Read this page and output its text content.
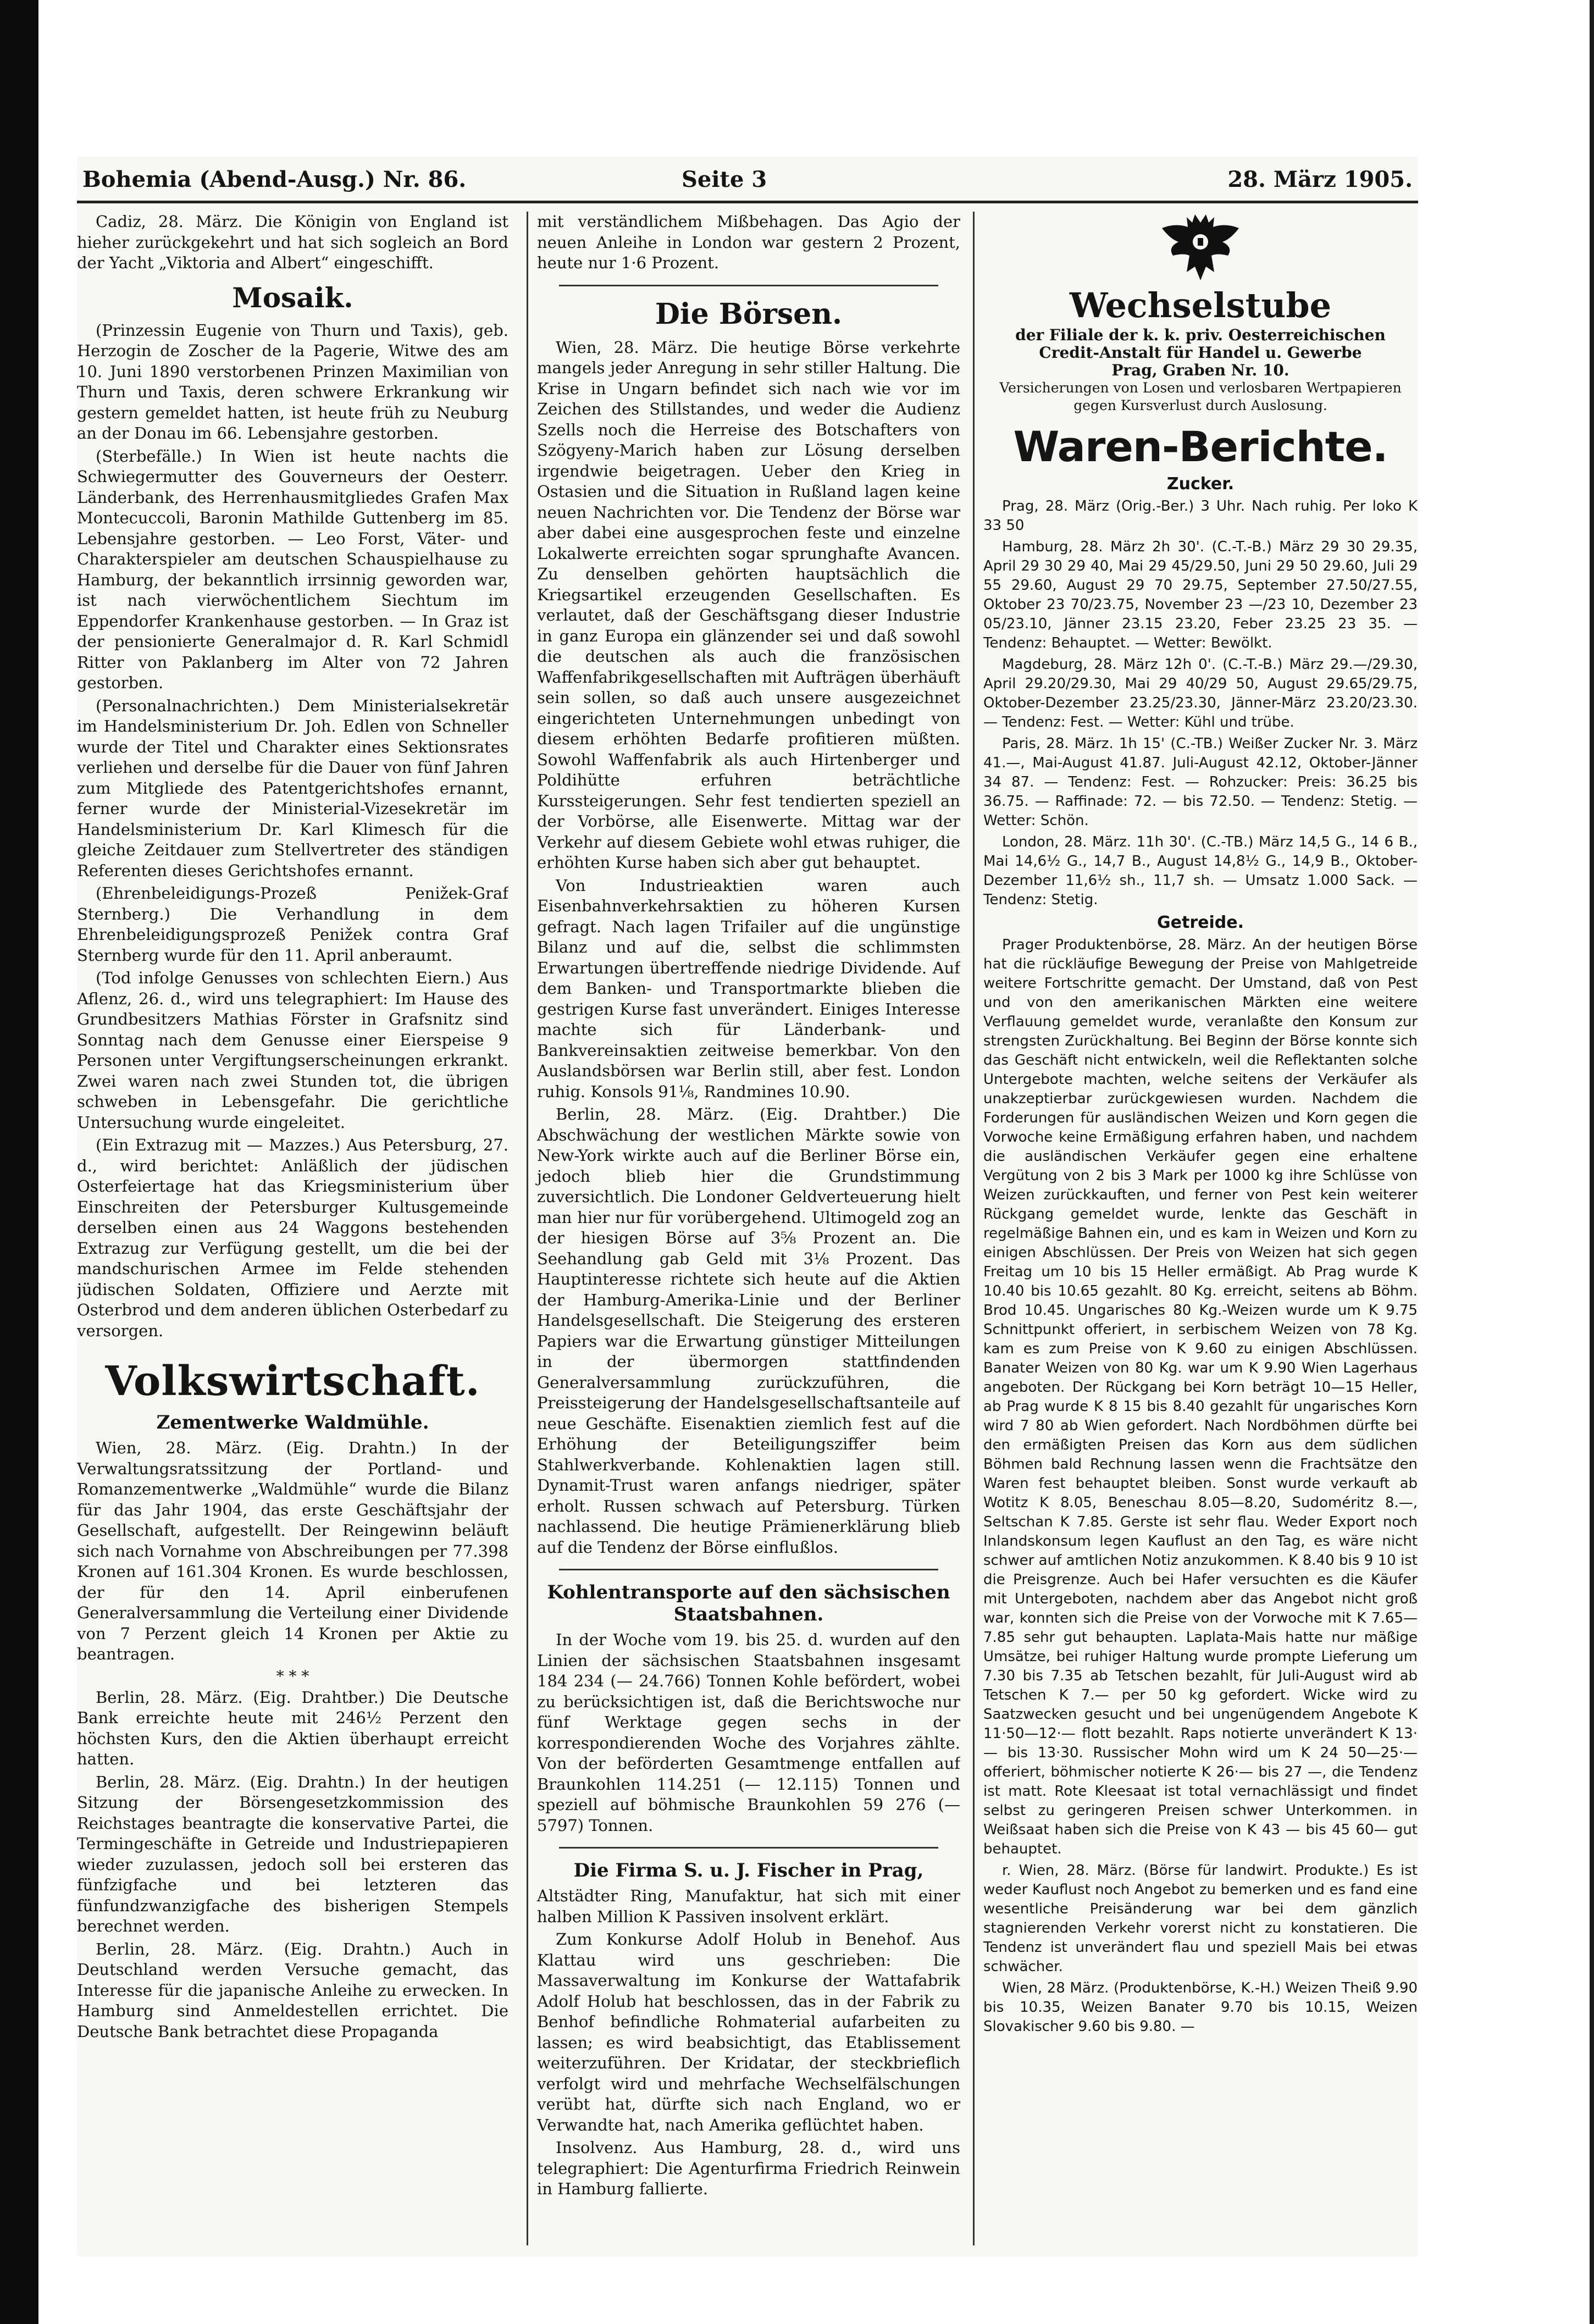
Bohemia (Abend-Ausg.) Nr. 86.	Seite 3	28. März 1905.

Cadiz, 28. März. Die Königin von England ist hieher zurückgekehrt und hat sich sogleich an Bord der Yacht „Viktoria and Albert“ eingeschifft.

Mosaik.

(Prinzessin Eugenie von Thurn und Taxis), geb. Herzogin de Zoscher de la Pagerie, Witwe des am 10. Juni 1890 verstorbenen Prinzen Maximilian von Thurn und Taxis, deren schwere Erkrankung wir gestern gemeldet hatten, ist heute früh zu Neuburg an der Donau im 66. Lebensjahre gestorben.

(Sterbefälle.) In Wien ist heute nachts die Schwiegermutter des Gouverneurs der Oesterr. Länderbank, des Herrenhausmitgliedes Grafen Max Montecuccoli, Baronin Mathilde Guttenberg im 85. Lebensjahre gestorben. — Leo Forst, Väter- und Charakterspieler am deutschen Schauspielhause zu Hamburg, der bekanntlich irrsinnig geworden war, ist nach vierwöchentlichem Siechtum im Eppendorfer Krankenhause gestorben. — In Graz ist der pensionierte Generalmajor d. R. Karl Schmidl Ritter von Paklanberg im Alter von 72 Jahren gestorben.

(Personalnachrichten.) Dem Ministerialsekretär im Handelsministerium Dr. Joh. Edlen von Schneller wurde der Titel und Charakter eines Sektionsrates verliehen und derselbe für die Dauer von fünf Jahren zum Mitgliede des Patentgerichtshofes ernannt, ferner wurde der Ministerial-Vizesekretär im Handelsministerium Dr. Karl Klimesch für die gleiche Zeitdauer zum Stellvertreter des ständigen Referenten dieses Gerichtshofes ernannt.

(Ehrenbeleidigungs-Prozeß Penižek-Graf Sternberg.) Die Verhandlung in dem Ehrenbeleidigungsprozeß Penižek contra Graf Sternberg wurde für den 11. April anberaumt.

(Tod infolge Genusses von schlechten Eiern.) Aus Aflenz, 26. d., wird uns telegraphiert: Im Hause des Grundbesitzers Mathias Förster in Grafsnitz sind Sonntag nach dem Genusse einer Eierspeise 9 Personen unter Vergiftungserscheinungen erkrankt. Zwei waren nach zwei Stunden tot, die übrigen schweben in Lebensgefahr. Die gerichtliche Untersuchung wurde eingeleitet.

(Ein Extrazug mit — Mazzes.) Aus Petersburg, 27. d., wird berichtet: Anläßlich der jüdischen Osterfeiertage hat das Kriegsministerium über Einschreiten der Petersburger Kultusgemeinde derselben einen aus 24 Waggons bestehenden Extrazug zur Verfügung gestellt, um die bei der mandschurischen Armee im Felde stehenden jüdischen Soldaten, Offiziere und Aerzte mit Osterbrod und dem anderen üblichen Osterbedarf zu versorgen.

Volkswirtschaft.
Zementwerke Waldmühle.

Wien, 28. März. (Eig. Drahtn.) In der Verwaltungsratssitzung der Portland- und Romanzementwerke „Waldmühle“ wurde die Bilanz für das Jahr 1904, das erste Geschäftsjahr der Gesellschaft, aufgestellt. Der Reingewinn beläuft sich nach Vornahme von Abschreibungen per 77.398 Kronen auf 161.304 Kronen. Es wurde beschlossen, der für den 14. April einberufenen Generalversammlung die Verteilung einer Dividende von 7 Perzent gleich 14 Kronen per Aktie zu beantragen.

* * *

Berlin, 28. März. (Eig. Drahtber.) Die Deutsche Bank erreichte heute mit 246½ Perzent den höchsten Kurs, den die Aktien überhaupt erreicht hatten.

Berlin, 28. März. (Eig. Drahtn.) In der heutigen Sitzung der Börsengesetzkommission des Reichstages beantragte die konservative Partei, die Termingeschäfte in Getreide und Industriepapieren wieder zuzulassen, jedoch soll bei ersteren das fünfzigfache und bei letzteren das fünfundzwanzigfache des bisherigen Stempels berechnet werden.

Berlin, 28. März. (Eig. Drahtn.) Auch in Deutschland werden Versuche gemacht, das Interesse für die japanische Anleihe zu erwecken. In Hamburg sind Anmeldestellen errichtet. Die Deutsche Bank betrachtet diese Propaganda

mit verständlichem Mißbehagen. Das Agio der neuen Anleihe in London war gestern 2 Prozent, heute nur 1·6 Prozent.

Die Börsen.

Wien, 28. März. Die heutige Börse verkehrte mangels jeder Anregung in sehr stiller Haltung. Die Krise in Ungarn befindet sich nach wie vor im Zeichen des Stillstandes, und weder die Audienz Szells noch die Herreise des Botschafters von Szögyeny-Marich haben zur Lösung derselben irgendwie beigetragen. Ueber den Krieg in Ostasien und die Situation in Rußland lagen keine neuen Nachrichten vor. Die Tendenz der Börse war aber dabei eine ausgesprochen feste und einzelne Lokalwerte erreichten sogar sprunghafte Avancen. Zu denselben gehörten hauptsächlich die Kriegsartikel erzeugenden Gesellschaften. Es verlautet, daß der Geschäftsgang dieser Industrie in ganz Europa ein glänzender sei und daß sowohl die deutschen als auch die französischen Waffenfabrikgesellschaften mit Aufträgen überhäuft sein sollen, so daß auch unsere ausgezeichnet eingerichteten Unternehmungen unbedingt von diesem erhöhten Bedarfe profitieren müßten. Sowohl Waffenfabrik als auch Hirtenberger und Poldihütte erfuhren beträchtliche Kurssteigerungen. Sehr fest tendierten speziell an der Vorbörse, alle Eisenwerte. Mittag war der Verkehr auf diesem Gebiete wohl etwas ruhiger, die erhöhten Kurse haben sich aber gut behauptet.

Von Industrieaktien waren auch Eisenbahnverkehrsaktien zu höheren Kursen gefragt. Nach lagen Trifailer auf die ungünstige Bilanz und auf die, selbst die schlimmsten Erwartungen übertreffende niedrige Dividende. Auf dem Banken- und Transportmarkte blieben die gestrigen Kurse fast unverändert. Einiges Interesse machte sich für Länderbank- und Bankvereinsaktien zeitweise bemerkbar. Von den Auslandsbörsen war Berlin still, aber fest. London ruhig. Konsols 91⅛, Randmines 10.90.

Berlin, 28. März. (Eig. Drahtber.) Die Abschwächung der westlichen Märkte sowie von New-York wirkte auch auf die Berliner Börse ein, jedoch blieb hier die Grundstimmung zuversichtlich. Die Londoner Geldverteuerung hielt man hier nur für vorübergehend. Ultimogeld zog an der hiesigen Börse auf 3⅝ Prozent an. Die Seehandlung gab Geld mit 3⅛ Prozent. Das Hauptinteresse richtete sich heute auf die Aktien der Hamburg-Amerika-Linie und der Berliner Handelsgesellschaft. Die Steigerung des ersteren Papiers war die Erwartung günstiger Mitteilungen in der übermorgen stattfindenden Generalversammlung zurückzuführen, die Preissteigerung der Handelsgesellschaftsanteile auf neue Geschäfte. Eisenaktien ziemlich fest auf die Erhöhung der Beteiligungsziffer beim Stahlwerkverbande. Kohlenaktien lagen still. Dynamit-Trust waren anfangs niedriger, später erholt. Russen schwach auf Petersburg. Türken nachlassend. Die heutige Prämienerklärung blieb auf die Tendenz der Börse einflußlos.

Kohlentransporte auf den sächsischen Staatsbahnen.

In der Woche vom 19. bis 25. d. wurden auf den Linien der sächsischen Staatsbahnen insgesamt 184 234 (— 24.766) Tonnen Kohle befördert, wobei zu berücksichtigen ist, daß die Berichtswoche nur fünf Werktage gegen sechs in der korrespondierenden Woche des Vorjahres zählte. Von der beförderten Gesamtmenge entfallen auf Braunkohlen 114.251 (— 12.115) Tonnen und speziell auf böhmische Braunkohlen 59 276 (— 5797) Tonnen.

Die Firma S. u. J. Fischer in Prag,

Altstädter Ring, Manufaktur, hat sich mit einer halben Million K Passiven insolvent erklärt.

Zum Konkurse Adolf Holub in Benehof. Aus Klattau wird uns geschrieben: Die Massaverwaltung im Konkurse der Wattafabrik Adolf Holub hat beschlossen, das in der Fabrik zu Benhof befindliche Rohmaterial aufarbeiten zu lassen; es wird beabsichtigt, das Etablissement weiterzuführen. Der Kridatar, der steckbrieflich verfolgt wird und mehrfache Wechselfälschungen verübt hat, dürfte sich nach England, wo er Verwandte hat, nach Amerika geflüchtet haben.

Insolvenz. Aus Hamburg, 28. d., wird uns telegraphiert: Die Agenturfirma Friedrich Reinwein in Hamburg fallierte.

Wechselstube

der Filiale der k. k. priv. Oesterreichischen

Credit-Anstalt für Handel u. Gewerbe

Prag, Graben Nr. 10.

Versicherungen von Losen und verlosbaren Wertpapieren gegen Kursverlust durch Auslosung.

Waren-Berichte.
Zucker.

Prag, 28. März (Orig.-Ber.) 3 Uhr. Nach ruhig. Per loko K 33 50

Hamburg, 28. März 2h 30'. (C.-T.-B.) März 29 30 29.35, April 29 30 29 40, Mai 29 45/29.50, Juni 29 50 29.60, Juli 29 55 29.60, August 29 70 29.75, September 27.50/27.55, Oktober 23 70/23.75, November 23 —/23 10, Dezember 23 05/23.10, Jänner 23.15 23.20, Feber 23.25 23 35. — Tendenz: Behauptet. — Wetter: Bewölkt.

Magdeburg, 28. März 12h 0'. (C.-T.-B.) März 29.—/29.30, April 29.20/29.30, Mai 29 40/29 50, August 29.65/29.75, Oktober-Dezember 23.25/23.30, Jänner-März 23.20/23.30. — Tendenz: Fest. — Wetter: Kühl und trübe.

Paris, 28. März. 1h 15' (C.-TB.) Weißer Zucker Nr. 3. März 41.—, Mai-August 41.87. Juli-August 42.12, Oktober-Jänner 34 87. — Tendenz: Fest. — Rohzucker: Preis: 36.25 bis 36.75. — Raffinade: 72. — bis 72.50. — Tendenz: Stetig. — Wetter: Schön.

London, 28. März. 11h 30'. (C.-TB.) März 14,5 G., 14 6 B., Mai 14,6½ G., 14,7 B., August 14,8½ G., 14,9 B., Oktober-Dezember 11,6½ sh., 11,7 sh. — Umsatz 1.000 Sack. — Tendenz: Stetig.

Getreide.

Prager Produktenbörse, 28. März. An der heutigen Börse hat die rückläufige Bewegung der Preise von Mahlgetreide weitere Fortschritte gemacht. Der Umstand, daß von Pest und von den amerikanischen Märkten eine weitere Verflauung gemeldet wurde, veranlaßte den Konsum zur strengsten Zurückhaltung. Bei Beginn der Börse konnte sich das Geschäft nicht entwickeln, weil die Reflektanten solche Untergebote machten, welche seitens der Verkäufer als unakzeptierbar zurückgewiesen wurden. Nachdem die Forderungen für ausländischen Weizen und Korn gegen die Vorwoche keine Ermäßigung erfahren haben, und nachdem die ausländischen Verkäufer gegen eine erhaltene Vergütung von 2 bis 3 Mark per 1000 kg ihre Schlüsse von Weizen zurückkauften, und ferner von Pest kein weiterer Rückgang gemeldet wurde, lenkte das Geschäft in regelmäßige Bahnen ein, und es kam in Weizen und Korn zu einigen Abschlüssen. Der Preis von Weizen hat sich gegen Freitag um 10 bis 15 Heller ermäßigt. Ab Prag wurde K 10.40 bis 10.65 gezahlt. 80 Kg. erreicht, seitens ab Böhm. Brod 10.45. Ungarisches 80 Kg.-Weizen wurde um K 9.75 Schnittpunkt offeriert, in serbischem Weizen von 78 Kg. kam es zum Preise von K 9.60 zu einigen Abschlüssen. Banater Weizen von 80 Kg. war um K 9.90 Wien Lagerhaus angeboten. Der Rückgang bei Korn beträgt 10—15 Heller, ab Prag wurde K 8 15 bis 8.40 gezahlt für ungarisches Korn wird 7 80 ab Wien gefordert. Nach Nordböhmen dürfte bei den ermäßigten Preisen das Korn aus dem südlichen Böhmen bald Rechnung lassen wenn die Frachtsätze den Waren fest behauptet bleiben. Sonst wurde verkauft ab Wotitz K 8.05, Beneschau 8.05—8.20, Sudoméritz 8.—, Seltschan K 7.85. Gerste ist sehr flau. Weder Export noch Inlandskonsum legen Kauflust an den Tag, es wäre nicht schwer auf amtlichen Notiz anzukommen. K 8.40 bis 9 10 ist die Preisgrenze. Auch bei Hafer versuchten es die Käufer mit Untergeboten, nachdem aber das Angebot nicht groß war, konnten sich die Preise von der Vorwoche mit K 7.65—7.85 sehr gut behaupten. Laplata-Mais hatte nur mäßige Umsätze, bei ruhiger Haltung wurde prompte Lieferung um 7.30 bis 7.35 ab Tetschen bezahlt, für Juli-August wird ab Tetschen K 7.— per 50 kg gefordert. Wicke wird zu Saatzwecken gesucht und bei ungenügendem Angebote K 11·50—12·— flott bezahlt. Raps notierte unverändert K 13·— bis 13·30. Russischer Mohn wird um K 24 50—25·— offeriert, böhmischer notierte K 26·— bis 27 —, die Tendenz ist matt. Rote Kleesaat ist total vernachlässigt und findet selbst zu geringeren Preisen schwer Unterkommen. in Weißsaat haben sich die Preise von K 43 — bis 45 60— gut behauptet.

r. Wien, 28. März. (Börse für landwirt. Produkte.) Es ist weder Kauflust noch Angebot zu bemerken und es fand eine wesentliche Preisänderung war bei dem gänzlich stagnierenden Verkehr vorerst nicht zu konstatieren. Die Tendenz ist unverändert flau und speziell Mais bei etwas schwächer.

Wien, 28 März. (Produktenbörse, K.-H.) Weizen Theiß 9.90 bis 10.35, Weizen Banater 9.70 bis 10.15, Weizen Slovakischer 9.60 bis 9.80. —
